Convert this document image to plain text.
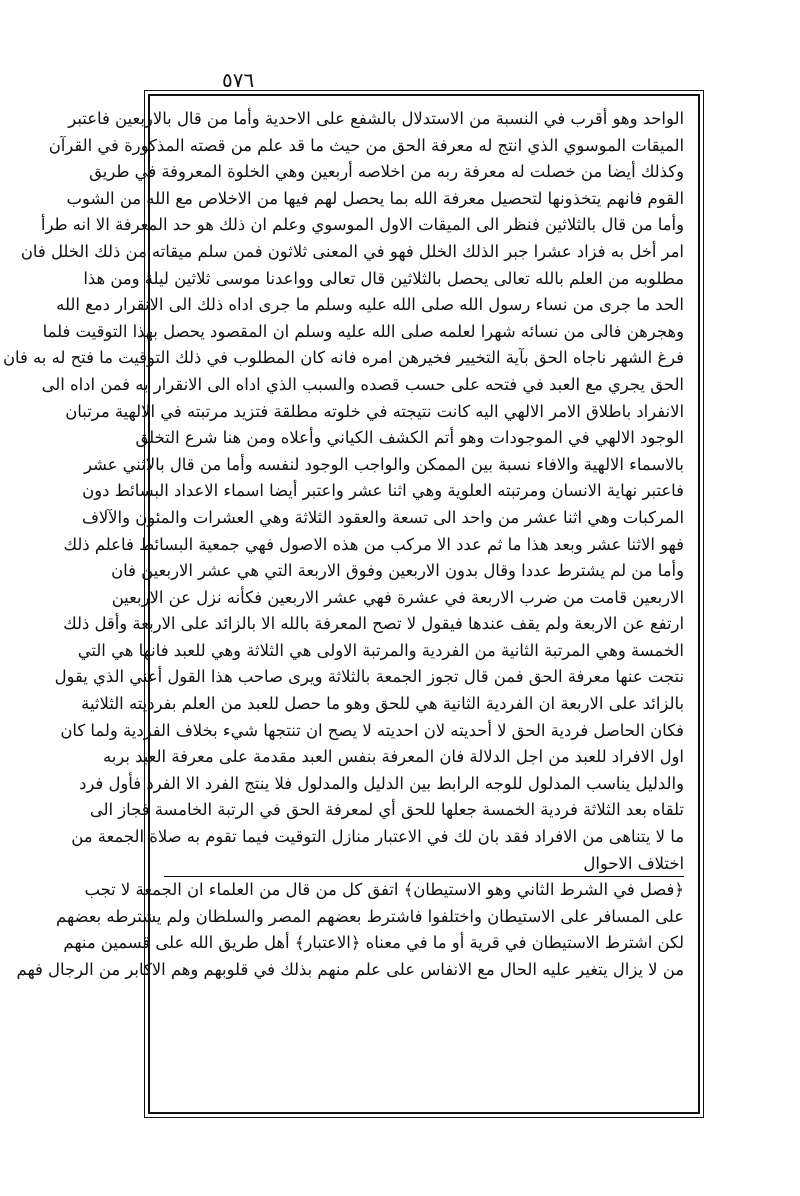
٥٧٦
الواحد وهو أقرب في النسبة من الاستدلال بالشفع على الاحدية وأما من قال بالاربعين فاعتبر
الميقات الموسوي الذي انتج له معرفة الحق من حيث ما قد علم من قصته المذكورة في القرآن
وكذلك أيضا من خصلت له معرفة ربه من اخلاصه أربعين وهي الخلوة المعروفة في طريق
القوم فانهم يتخذونها لتحصيل معرفة الله بما يحصل لهم فيها من الاخلاص مع الله من الشوب
وأما من قال بالثلاثين فنظر الى الميقات الاول الموسوي وعلم ان ذلك هو حد المعرفة الا انه طرأ
امر أخل به فزاد عشرا جبر الذلك الخلل فهو في المعنى ثلاثون فمن سلم ميقاته من ذلك الخلل فان
مطلوبه من العلم بالله تعالى يحصل بالثلاثين قال تعالى وواعدنا موسى ثلاثين ليلة ومن هذا
الحد ما جرى من نساء رسول الله صلى الله عليه وسلم ما جرى اداه ذلك الى الانقرار دمع الله
وهجرهن فالى من نسائه شهرا لعلمه صلى الله عليه وسلم ان المقصود يحصل بهذا التوقيت فلما
فرغ الشهر ناجاه الحق بآية التخيير فخيرهن امره فانه كان المطلوب في ذلك التوقيت ما فتح له به فان
الحق يجري مع العبد في فتحه على حسب قصده والسبب الذي اداه الى الانقرار به فمن اداه الى
الانفراد باطلاق الامر الالهي اليه كانت نتيجته في خلوته مطلقة فتزيد مرتبته في الالهية مرتبان
الوجود الالهي في الموجودات وهو أتم الكشف الكياني وأعلاه ومن هنا شرع التخلق
بالاسماء الالهية والافاء نسبة بين الممكن والواجب الوجود لنفسه وأما من قال بالاثني عشر
فاعتبر نهاية الانسان ومرتبته العلوية وهي اثنا عشر واعتبر أيضا اسماء الاعداد البسائط دون
المركبات وهي اثنا عشر من واحد الى تسعة والعقود الثلاثة وهي العشرات والمئون والآلاف
فهو الاثنا عشر وبعد هذا ما ثم عدد الا مركب من هذه الاصول فهي جمعية البسائط فاعلم ذلك
وأما من لم يشترط عددا وقال بدون الاربعين وفوق الاربعة التي هي عشر الاربعين فان
الاربعين قامت من ضرب الاربعة في عشرة فهي عشر الاربعين فكأنه نزل عن الاربعين
ارتفع عن الاربعة ولم يقف عندها فيقول لا تصح المعرفة بالله الا بالزائد على الاربعة وأقل ذلك
الخمسة وهي المرتبة الثانية من الفردية والمرتبة الاولى هي الثلاثة وهي للعبد فانها هي التي
نتجت عنها معرفة الحق فمن قال تجوز الجمعة بالثلاثة ويرى صاحب هذا القول أعني الذي يقول
بالزائد على الاربعة ان الفردية الثانية هي للحق وهو ما حصل للعبد من العلم بفرديته الثلاثية
فكان الحاصل فردية الحق لا أحديته لان احديته لا يصح ان تنتجها شيء بخلاف الفردية ولما كان
اول الافراد للعبد من اجل الدلالة فان المعرفة بنفس العبد مقدمة على معرفة العبد بربه
والدليل يناسب المدلول للوجه الرابط بين الدليل والمدلول فلا ينتج الفرد الا الفرد فأول فرد
تلقاه بعد الثلاثة فردية الخمسة جعلها للحق أي لمعرفة الحق في الرتبة الخامسة فجاز الى
ما لا يتناهى من الافراد فقد بان لك في الاعتبار منازل التوقيت فيما تقوم به صلاة الجمعة من
اختلاف الاحوال
﴿فصل في الشرط الثاني وهو الاستيطان﴾ اتفق كل من قال من العلماء ان الجمعة لا تجب
على المسافر على الاستيطان واختلفوا فاشترط بعضهم المصر والسلطان ولم يشترطه بعضهم
لكن اشترط الاستيطان في قرية أو ما في معناه ﴿الاعتبار﴾ أهل طريق الله على قسمين منهم
من لا يزال يتغير عليه الحال مع الانفاس على علم منهم بذلك في قلوبهم وهم الاكابر من الرجال فهم
